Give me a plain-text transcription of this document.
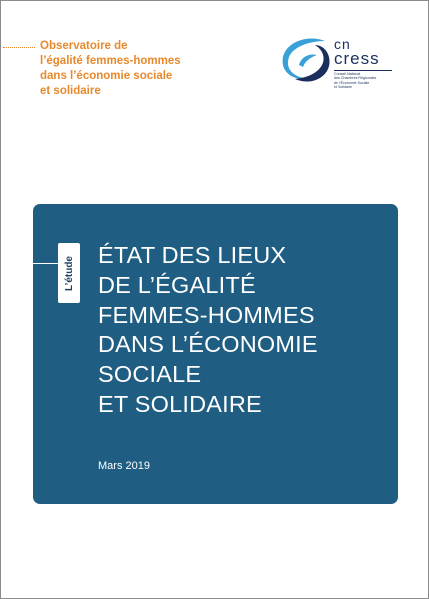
Observatoire de
l’égalité femmes-hommes
dans l’économie sociale
et solidaire
cn
cress
Conseil National
des Chambres Régionales
de l’Économie Sociale
et Solidaire
L’étude
ÉTAT DES LIEUX
DE L’ÉGALITÉ
FEMMES-HOMMES
DANS L’ÉCONOMIE
SOCIALE
ET SOLIDAIRE
Mars 2019
